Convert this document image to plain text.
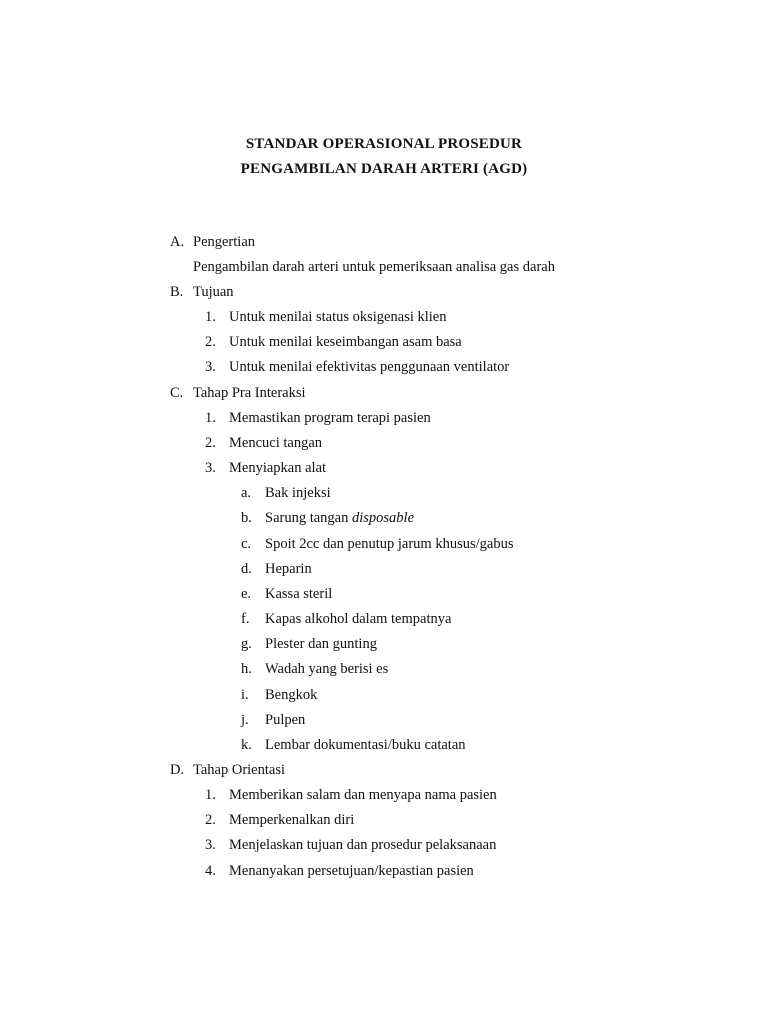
STANDAR OPERASIONAL PROSEDUR
PENGAMBILAN DARAH ARTERI (AGD)
A. Pengertian
Pengambilan darah arteri untuk pemeriksaan analisa gas darah
B. Tujuan
1. Untuk menilai status oksigenasi klien
2. Untuk menilai keseimbangan asam basa
3. Untuk menilai efektivitas penggunaan ventilator
C. Tahap Pra Interaksi
1. Memastikan program terapi pasien
2. Mencuci tangan
3. Menyiapkan alat
a. Bak injeksi
b. Sarung tangan disposable
c. Spoit 2cc dan penutup jarum khusus/gabus
d. Heparin
e. Kassa steril
f. Kapas alkohol dalam tempatnya
g. Plester dan gunting
h. Wadah yang berisi es
i. Bengkok
j. Pulpen
k. Lembar dokumentasi/buku catatan
D. Tahap Orientasi
1. Memberikan salam dan menyapa nama pasien
2. Memperkenalkan diri
3. Menjelaskan tujuan dan prosedur pelaksanaan
4. Menanyakan persetujuan/kepastian pasien
